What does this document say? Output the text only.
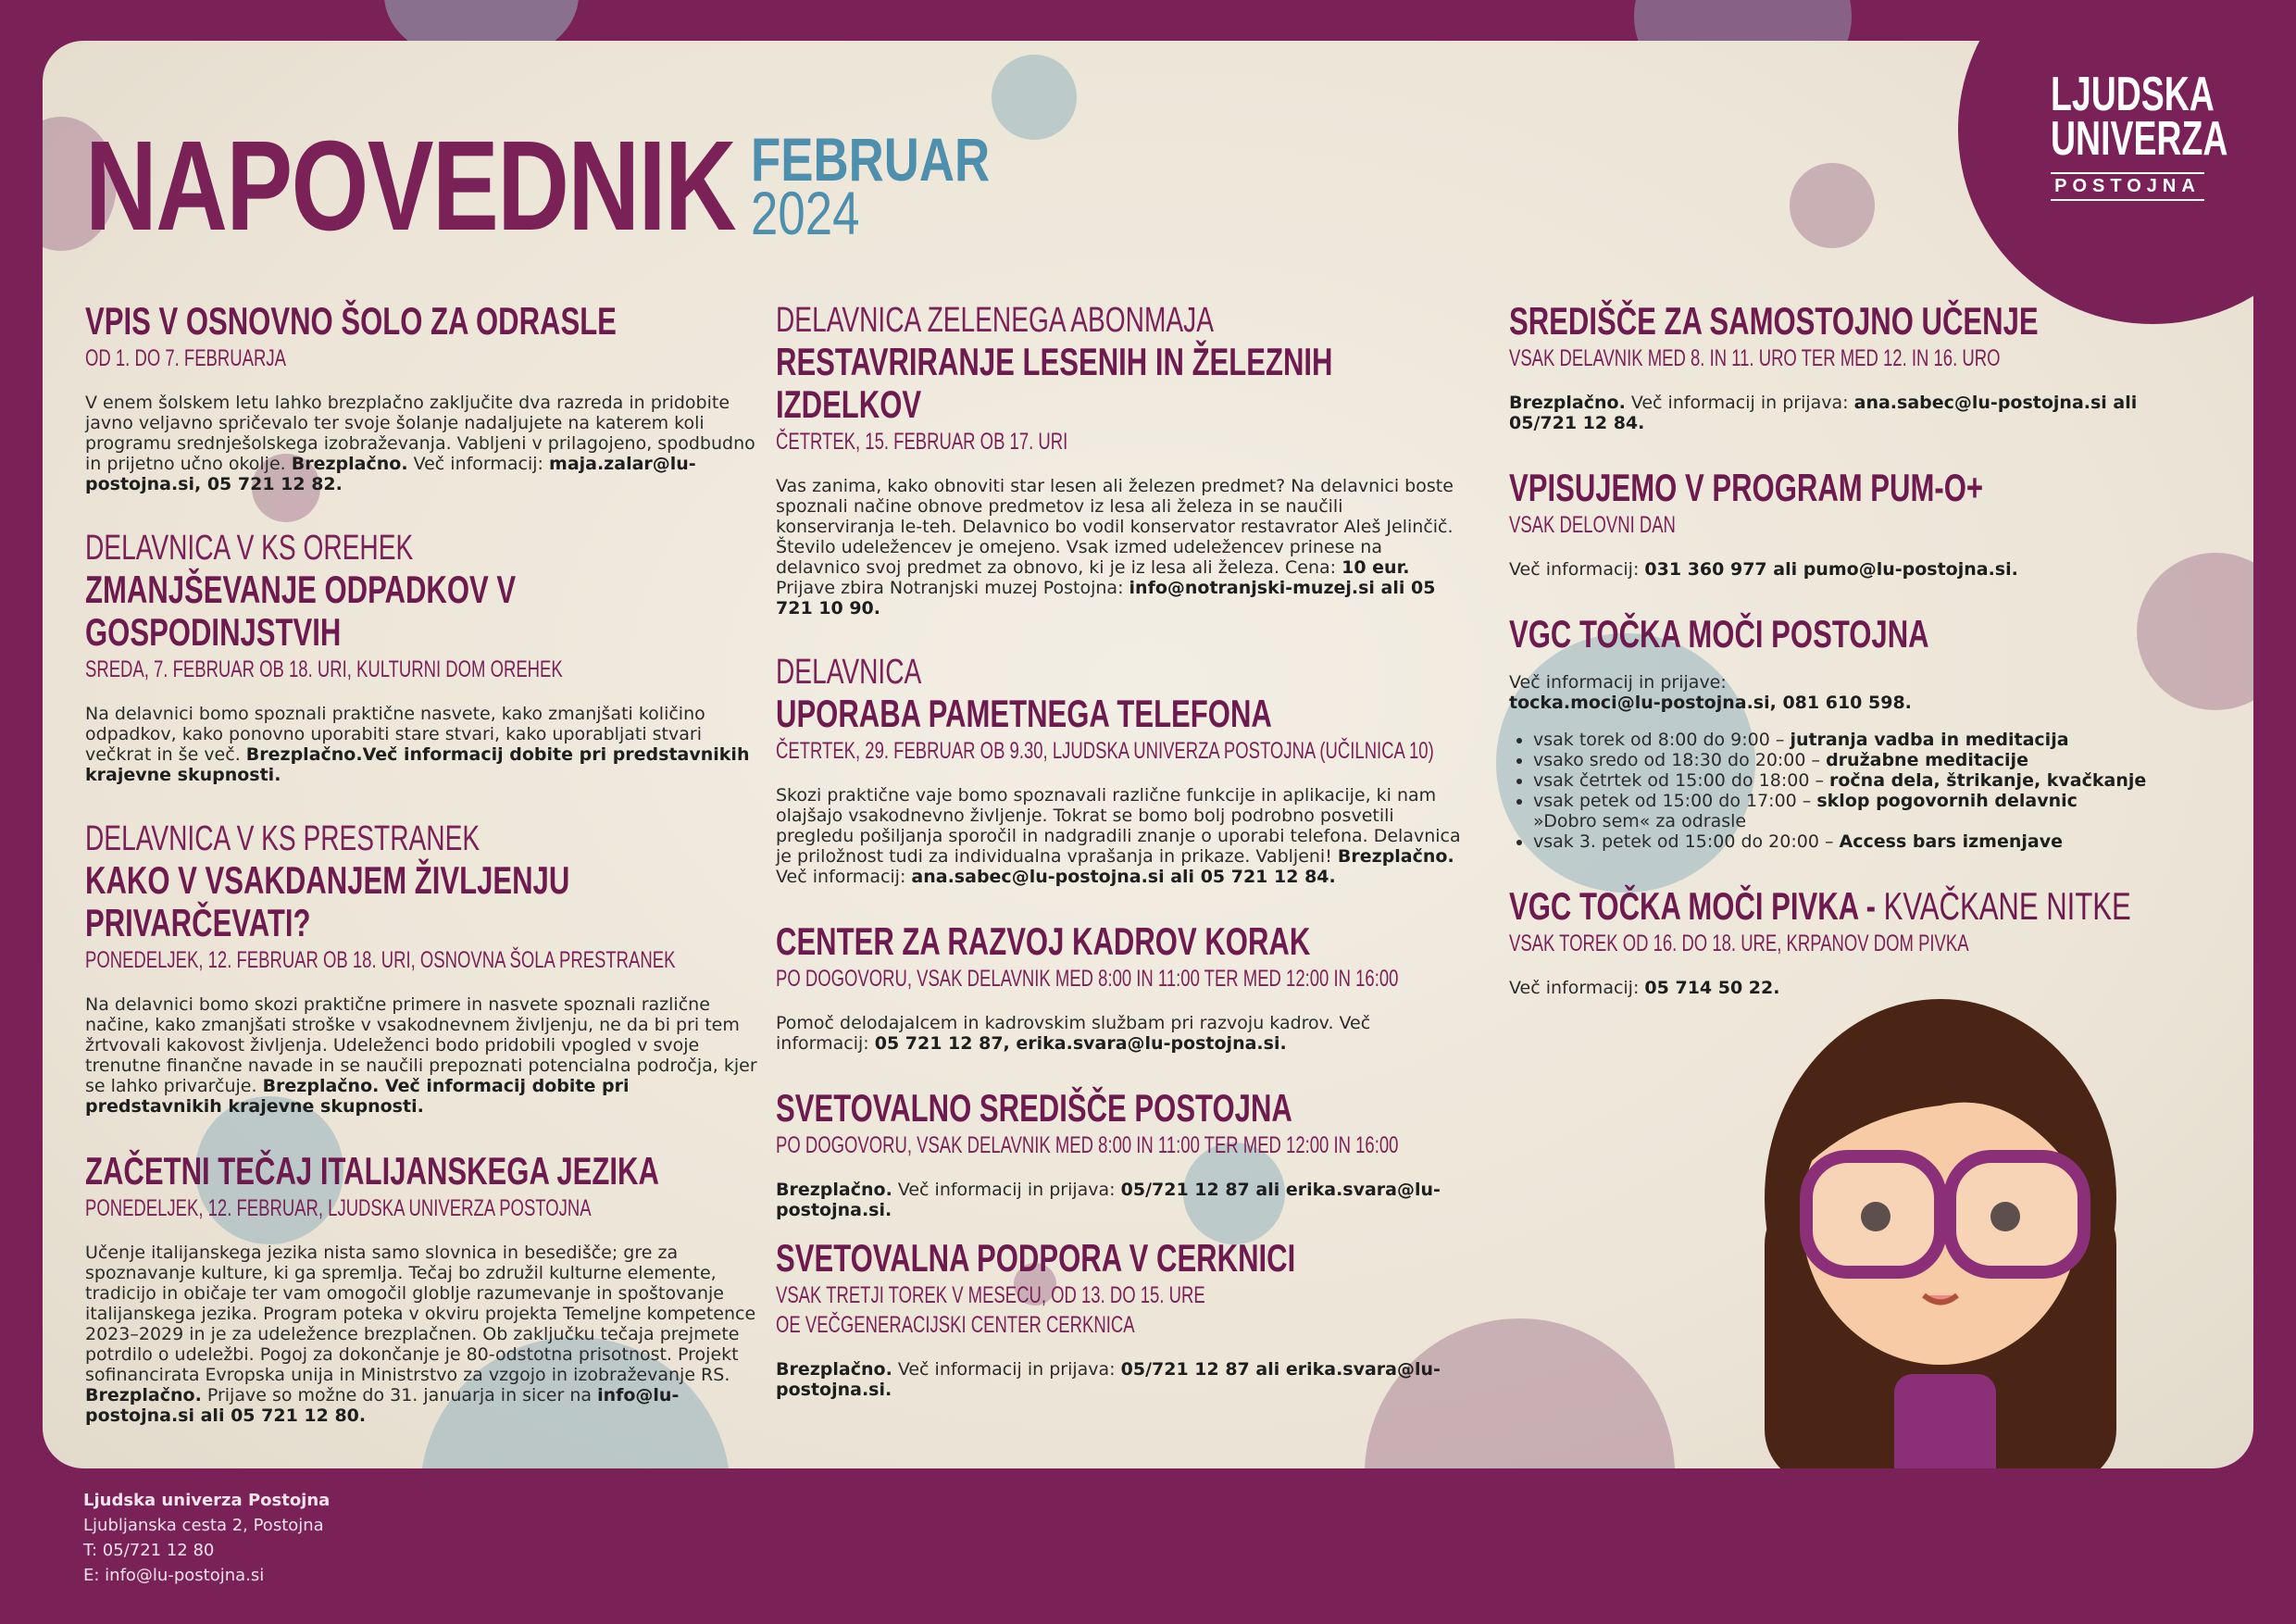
NAPOVEDNIK FEBRUAR
2024
VPIS V OSNOVNO ŠOLO ZA ODRASLE
OD 1. DO 7. FEBRUARJA
V enem šolskem letu lahko brezplačno zaključite dva razreda in pridobite javno veljavno spričevalo ter svoje šolanje nadaljujete na katerem koli programu srednješolskega izobraževanja. Vabljeni v prilagojeno, spodbudno in prijetno učno okolje. Brezplačno. Več informacij: maja.zalar@lu-postojna.si, 05 721 12 82.
DELAVNICA V KS OREHEK
ZMANJŠEVANJE ODPADKOV V GOSPODINJSTVIH
SREDA, 7. FEBRUAR OB 18. URI, KULTURNI DOM OREHEK
Na delavnici bomo spoznali praktične nasvete, kako zmanjšati količino odpadkov, kako ponovno uporabiti stare stvari, kako uporabljati stvari večkrat in še več. Brezplačno.Več informacij dobite pri predstavnikih krajevne skupnosti.
DELAVNICA V KS PRESTRANEK
KAKO V VSAKDANJEM ŽIVLJENJU PRIVARČEVATI?
PONEDELJEK, 12. FEBRUAR OB 18. URI, OSNOVNA ŠOLA PRESTRANEK
Na delavnici bomo skozi praktične primere in nasvete spoznali različne načine, kako zmanjšati stroške v vsakodnevnem življenju, ne da bi pri tem žrtvovali kakovost življenja. Udeleženci bodo pridobili vpogled v svoje trenutne finančne navade in se naučili prepoznati potencialna področja, kjer se lahko privarčuje. Brezplačno. Več informacij dobite pri predstavnikih krajevne skupnosti.
ZAČETNI TEČAJ ITALIJANSKEGA JEZIKA
PONEDELJEK, 12. FEBRUAR, LJUDSKA UNIVERZA POSTOJNA
Učenje italijanskega jezika nista samo slovnica in besedišče; gre za spoznavanje kulture, ki ga spremlja. Tečaj bo združil kulturne elemente, tradicijo in običaje ter vam omogočil globlje razumevanje in spoštovanje italijanskega jezika. Program poteka v okviru projekta Temeljne kompetence 2023–2029 in je za udeležence brezplačnen. Ob zaključku tečaja prejmete potrdilo o udeležbi. Pogoj za dokončanje je 80-odstotna prisotnost. Projekt sofinancirata Evropska unija in Ministrstvo za vzgojo in izobraževanje RS. Brezplačno. Prijave so možne do 31. januarja in sicer na info@lu-postojna.si ali 05 721 12 80.
DELAVNICA ZELENEGA ABONMAJA
RESTAVRIRANJE LESENIH IN ŽELEZNIH IZDELKOV
ČETRTEK, 15. FEBRUAR OB 17. URI
Vas zanima, kako obnoviti star lesen ali železen predmet? Na delavnici boste spoznali načine obnove predmetov iz lesa ali železa in se naučili konserviranja le-teh. Delavnico bo vodil konservator restavrator Aleš Jelinčič. Število udeležencev je omejeno. Vsak izmed udeležencev prinese na delavnico svoj predmet za obnovo, ki je iz lesa ali železa. Cena: 10 eur. Prijave zbira Notranjski muzej Postojna: info@notranjski-muzej.si ali 05 721 10 90.
DELAVNICA
UPORABA PAMETNEGA TELEFONA
ČETRTEK, 29. FEBRUAR OB 9.30, LJUDSKA UNIVERZA POSTOJNA (UČILNICA 10)
Skozi praktične vaje bomo spoznavali različne funkcije in aplikacije, ki nam olajšajo vsakodnevno življenje. Tokrat se bomo bolj podrobno posvetili pregledu pošiljanja sporočil in nadgradili znanje o uporabi telefona. Delavnica je priložnost tudi za individualna vprašanja in prikaze. Vabljeni! Brezplačno. Več informacij: ana.sabec@lu-postojna.si ali 05 721 12 84.
CENTER ZA RAZVOJ KADROV KORAK
PO DOGOVORU, VSAK DELAVNIK MED 8:00 IN 11:00 TER MED 12:00 IN 16:00
Pomoč delodajalcem in kadrovskim službam pri razvoju kadrov. Več informacij: 05 721 12 87, erika.svara@lu-postojna.si.
SVETOVALNO SREDIŠČE POSTOJNA
PO DOGOVORU, VSAK DELAVNIK MED 8:00 IN 11:00 TER MED 12:00 IN 16:00
Brezplačno. Več informacij in prijava: 05/721 12 87 ali erika.svara@lu-postojna.si.
SVETOVALNA PODPORA V CERKNICI
VSAK TRETJI TOREK V MESECU, OD 13. DO 15. URE
OE VEČGENERACIJSKI CENTER CERKNICA
Brezplačno. Več informacij in prijava: 05/721 12 87 ali erika.svara@lu-postojna.si.
SREDIŠČE ZA SAMOSTOJNO UČENJE
VSAK DELAVNIK MED 8. IN 11. URO TER MED 12. IN 16. URO
Brezplačno. Več informacij in prijava: ana.sabec@lu-postojna.si ali 05/721 12 84.
VPISUJEMO V PROGRAM PUM-O+
VSAK DELOVNI DAN
Več informacij: 031 360 977 ali pumo@lu-postojna.si.
VGC TOČKA MOČI POSTOJNA
Več informacij in prijave:
tocka.moci@lu-postojna.si, 081 610 598.
• vsak torek od 8:00 do 9:00 – jutranja vadba in meditacija
• vsako sredo od 18:30 do 20:00 – družabne meditacije
• vsak četrtek od 15:00 do 18:00 – ročna dela, štrikanje, kvačkanje
• vsak petek od 15:00 do 17:00 – sklop pogovornih delavnic
»Dobro sem« za odrasle
• vsak 3. petek od 15:00 do 20:00 – Access bars izmenjave
VGC TOČKA MOČI PIVKA - KVAČKANE NITKE
VSAK TOREK OD 16. DO 18. URE, KRPANOV DOM PIVKA
Več informacij: 05 714 50 22.
LJUDSKA
UNIVERZA
POSTOJNA
Ljudska univerza Postojna
Ljubljanska cesta 2, Postojna
T: 05/721 12 80
E: info@lu-postojna.si
